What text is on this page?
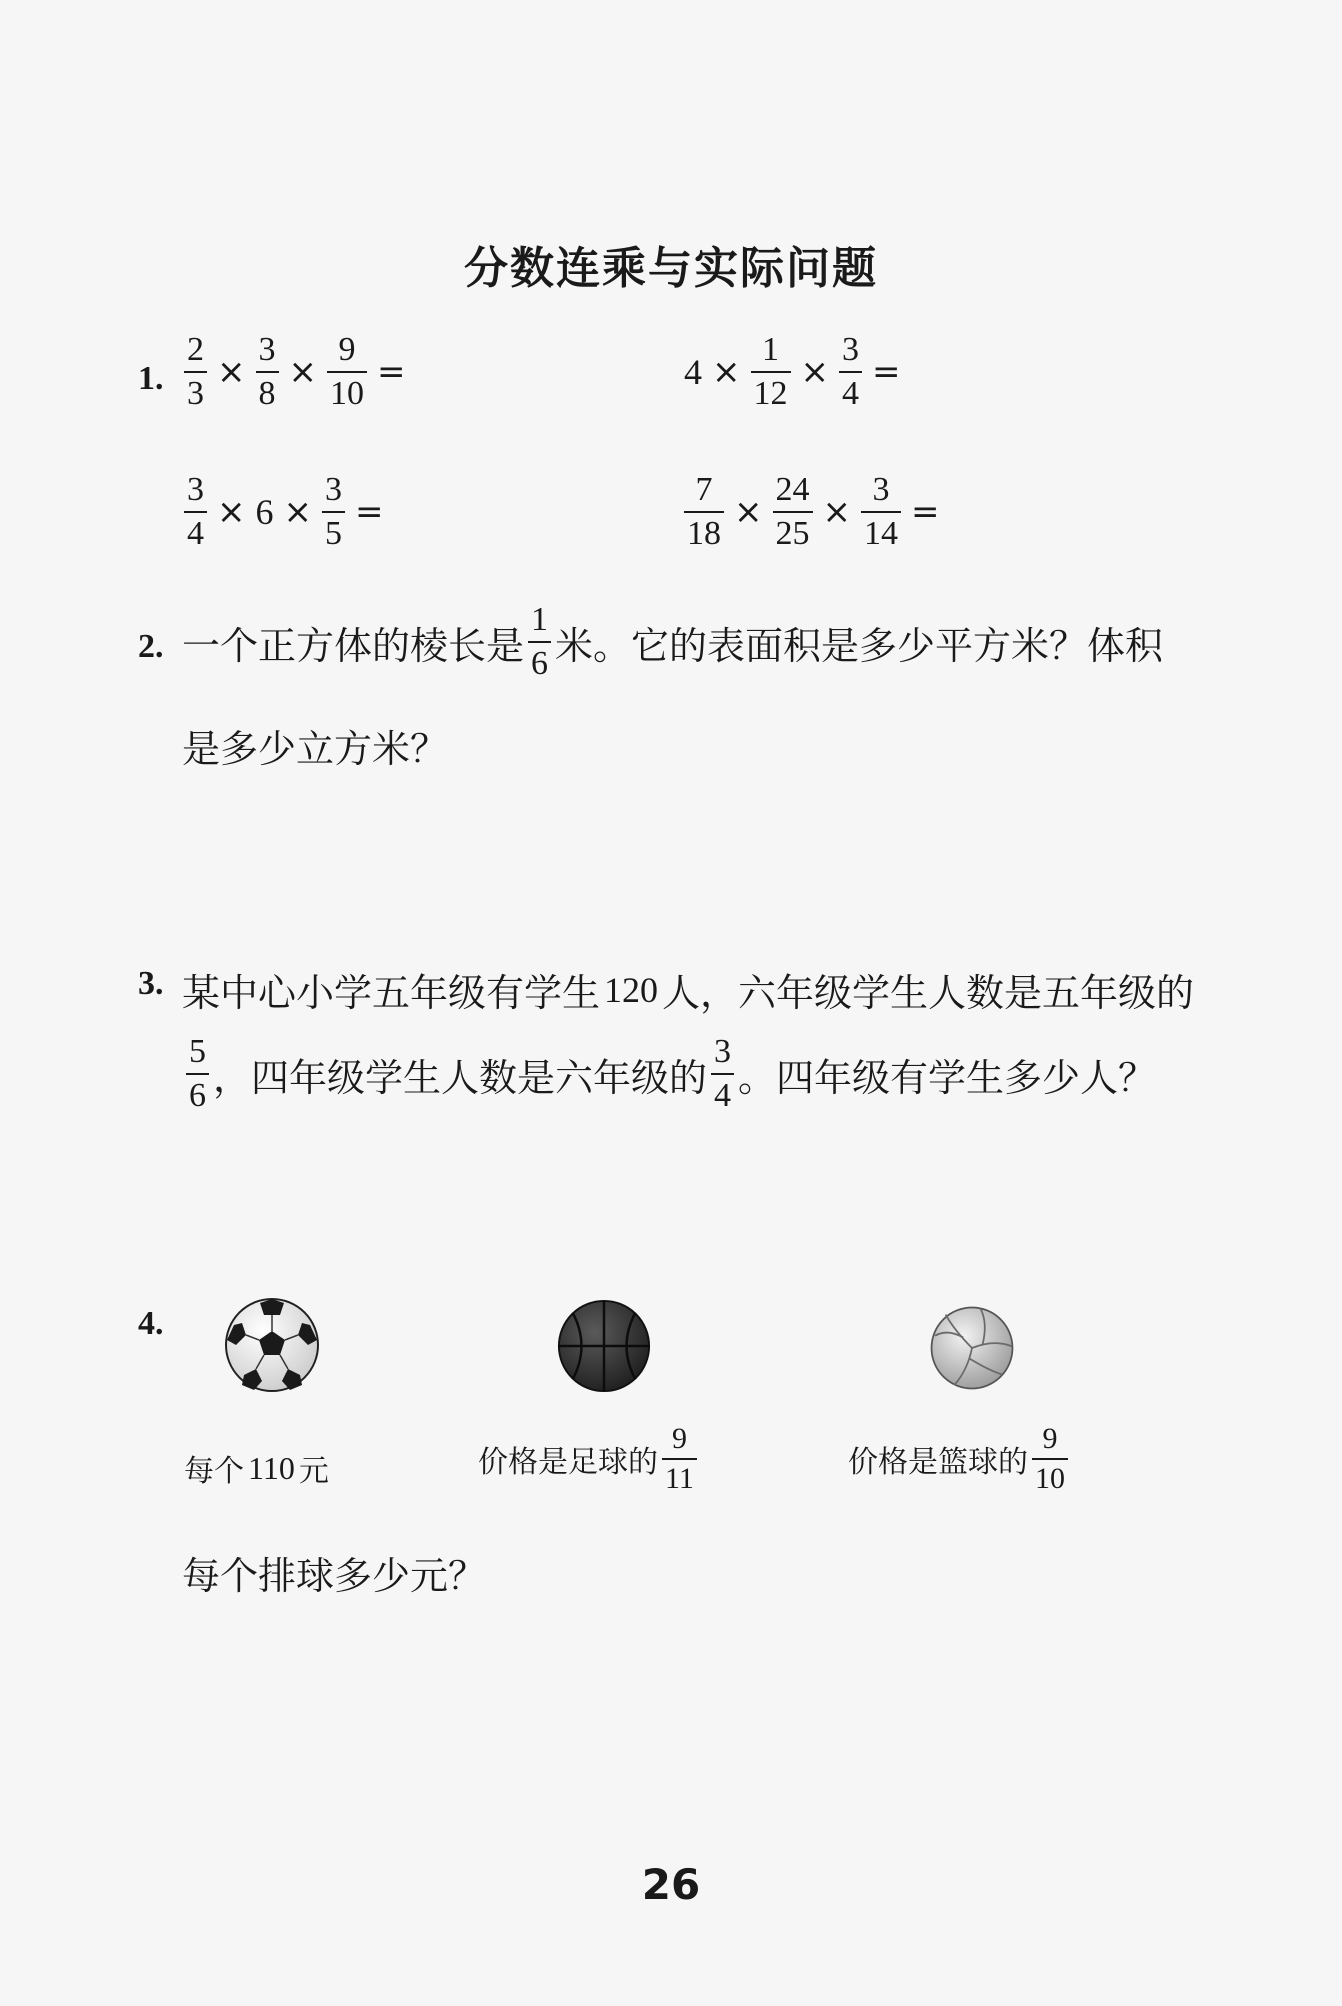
分数连乘与实际问题
1. $\frac{2}{3} \times \frac{3}{8} \times \frac{9}{10}$ =	$4 \times \frac{1}{12} \times \frac{3}{4}$ =
$\frac{3}{4} \times 6 \times \frac{3}{5}$ =	$\frac{7}{18} \times \frac{24}{25} \times \frac{3}{14}$ =
2. 一个正方体的棱长是 $\frac{1}{6}$ 米。它的表面积是多少平方米？体积
是多少立方米？
3. 某中心小学五年级有学生 120 人，六年级学生人数是五年级的
$\frac{5}{6}$ ，四年级学生人数是六年级的 $\frac{3}{4}$ 。四年级有学生多少人？
4.
每个 110 元	价格是足球的 $\frac{9}{11}$	价格是篮球的 $\frac{9}{10}$
每个排球多少元？
26
